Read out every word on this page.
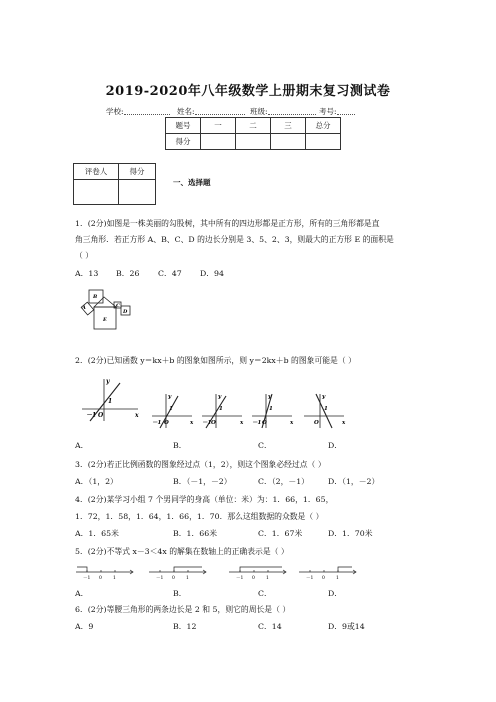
2019-2020年八年级数学上册期末复习测试卷
学校:	姓名:	班级:	考号:
题号	一	二	三	总分
得分				
评卷人	得分

一、选择题
1．(2分)如图是一株美丽的勾股树，其中所有的四边形都是正方形，所有的三角形都是直
角三角形．若正方形 A、B、C、D 的边长分别是 3、5、2、3，则最大的正方形 E 的面积是
（ ）
A．13 B．26 C．47 D．94
B
A	C
D
E
2．(2分)已知函数 y＝kx＋b 的图象如图所示，则 y＝2kx＋b 的图象可能是（ ）
y
x
O
－1
1
y
x
－1 O
1
y
x
－1 O
1
y
x
－1 O
1
y
x
O
1
A．	B．	C．	D．
3．(2分)若正比例函数的图象经过点（1，2），则这个图象必经过点（ ）
A．（1，2）	B．（－1，－2）	C．（2，－1） D．（1，－2）
4．(2分)某学习小组 7 个男同学的身高（单位：米）为：1．66，1．65，
1．72，1．58，1．64，1．66，1．70．那么这组数据的众数是（ ）
A．1．65米	B．1．66米	C．1．67米	D．1．70米
5．(2分)不等式 x－3＜4x 的解集在数轴上的正确表示是（ ）
－1 0 1	－1 0 1	－1 0 1	－1 0 1
A．	B．	C．	D．
6．(2分)等腰三角形的两条边长是 2 和 5，则它的周长是（ ）
A．9	B．12	C．14	D．9或14
